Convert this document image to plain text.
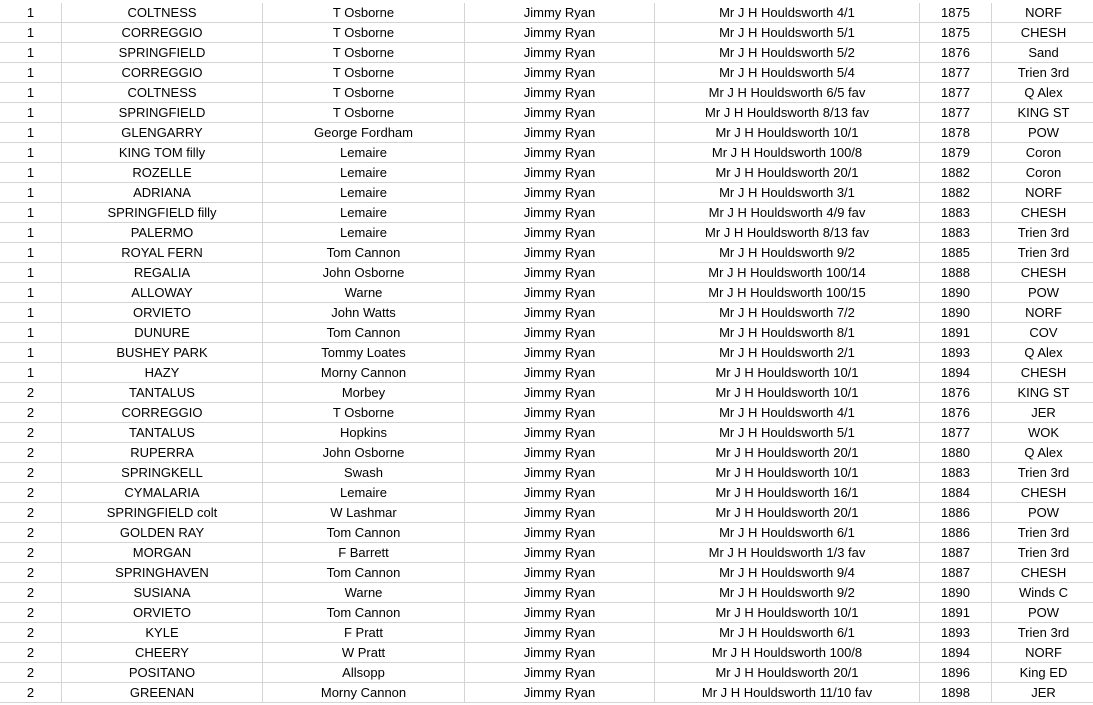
1	COLTNESS	T Osborne	Jimmy Ryan	Mr J H Houldsworth 4/1	1875	NORF
1	CORREGGIO	T Osborne	Jimmy Ryan	Mr J H Houldsworth 5/1	1875	CHESH
1	SPRINGFIELD	T Osborne	Jimmy Ryan	Mr J H Houldsworth 5/2	1876	Sand
1	CORREGGIO	T Osborne	Jimmy Ryan	Mr J H Houldsworth 5/4	1877	Trien 3rd
1	COLTNESS	T Osborne	Jimmy Ryan	Mr J H Houldsworth 6/5 fav	1877	Q Alex
1	SPRINGFIELD	T Osborne	Jimmy Ryan	Mr J H Houldsworth 8/13 fav	1877	KING ST
1	GLENGARRY	George Fordham	Jimmy Ryan	Mr J H Houldsworth 10/1	1878	POW
1	KING TOM filly	Lemaire	Jimmy Ryan	Mr J H Houldsworth 100/8	1879	Coron
1	ROZELLE	Lemaire	Jimmy Ryan	Mr J H Houldsworth 20/1	1882	Coron
1	ADRIANA	Lemaire	Jimmy Ryan	Mr J H Houldsworth 3/1	1882	NORF
1	SPRINGFIELD filly	Lemaire	Jimmy Ryan	Mr J H Houldsworth 4/9 fav	1883	CHESH
1	PALERMO	Lemaire	Jimmy Ryan	Mr J H Houldsworth 8/13 fav	1883	Trien 3rd
1	ROYAL FERN	Tom Cannon	Jimmy Ryan	Mr J H Houldsworth 9/2	1885	Trien 3rd
1	REGALIA	John Osborne	Jimmy Ryan	Mr J H Houldsworth 100/14	1888	CHESH
1	ALLOWAY	Warne	Jimmy Ryan	Mr J H Houldsworth 100/15	1890	POW
1	ORVIETO	John Watts	Jimmy Ryan	Mr J H Houldsworth 7/2	1890	NORF
1	DUNURE	Tom Cannon	Jimmy Ryan	Mr J H Houldsworth 8/1	1891	COV
1	BUSHEY PARK	Tommy Loates	Jimmy Ryan	Mr J H Houldsworth 2/1	1893	Q Alex
1	HAZY	Morny Cannon	Jimmy Ryan	Mr J H Houldsworth 10/1	1894	CHESH
2	TANTALUS	Morbey	Jimmy Ryan	Mr J H Houldsworth 10/1	1876	KING ST
2	CORREGGIO	T Osborne	Jimmy Ryan	Mr J H Houldsworth 4/1	1876	JER
2	TANTALUS	Hopkins	Jimmy Ryan	Mr J H Houldsworth 5/1	1877	WOK
2	RUPERRA	John Osborne	Jimmy Ryan	Mr J H Houldsworth 20/1	1880	Q Alex
2	SPRINGKELL	Swash	Jimmy Ryan	Mr J H Houldsworth 10/1	1883	Trien 3rd
2	CYMALARIA	Lemaire	Jimmy Ryan	Mr J H Houldsworth 16/1	1884	CHESH
2	SPRINGFIELD colt	W Lashmar	Jimmy Ryan	Mr J H Houldsworth 20/1	1886	POW
2	GOLDEN RAY	Tom Cannon	Jimmy Ryan	Mr J H Houldsworth 6/1	1886	Trien 3rd
2	MORGAN	F Barrett	Jimmy Ryan	Mr J H Houldsworth 1/3 fav	1887	Trien 3rd
2	SPRINGHAVEN	Tom Cannon	Jimmy Ryan	Mr J H Houldsworth 9/4	1887	CHESH
2	SUSIANA	Warne	Jimmy Ryan	Mr J H Houldsworth 9/2	1890	Winds C
2	ORVIETO	Tom Cannon	Jimmy Ryan	Mr J H Houldsworth 10/1	1891	POW
2	KYLE	F Pratt	Jimmy Ryan	Mr J H Houldsworth 6/1	1893	Trien 3rd
2	CHEERY	W Pratt	Jimmy Ryan	Mr J H Houldsworth 100/8	1894	NORF
2	POSITANO	Allsopp	Jimmy Ryan	Mr J H Houldsworth 20/1	1896	King ED
2	GREENAN	Morny Cannon	Jimmy Ryan	Mr J H Houldsworth 11/10 fav	1898	JER
